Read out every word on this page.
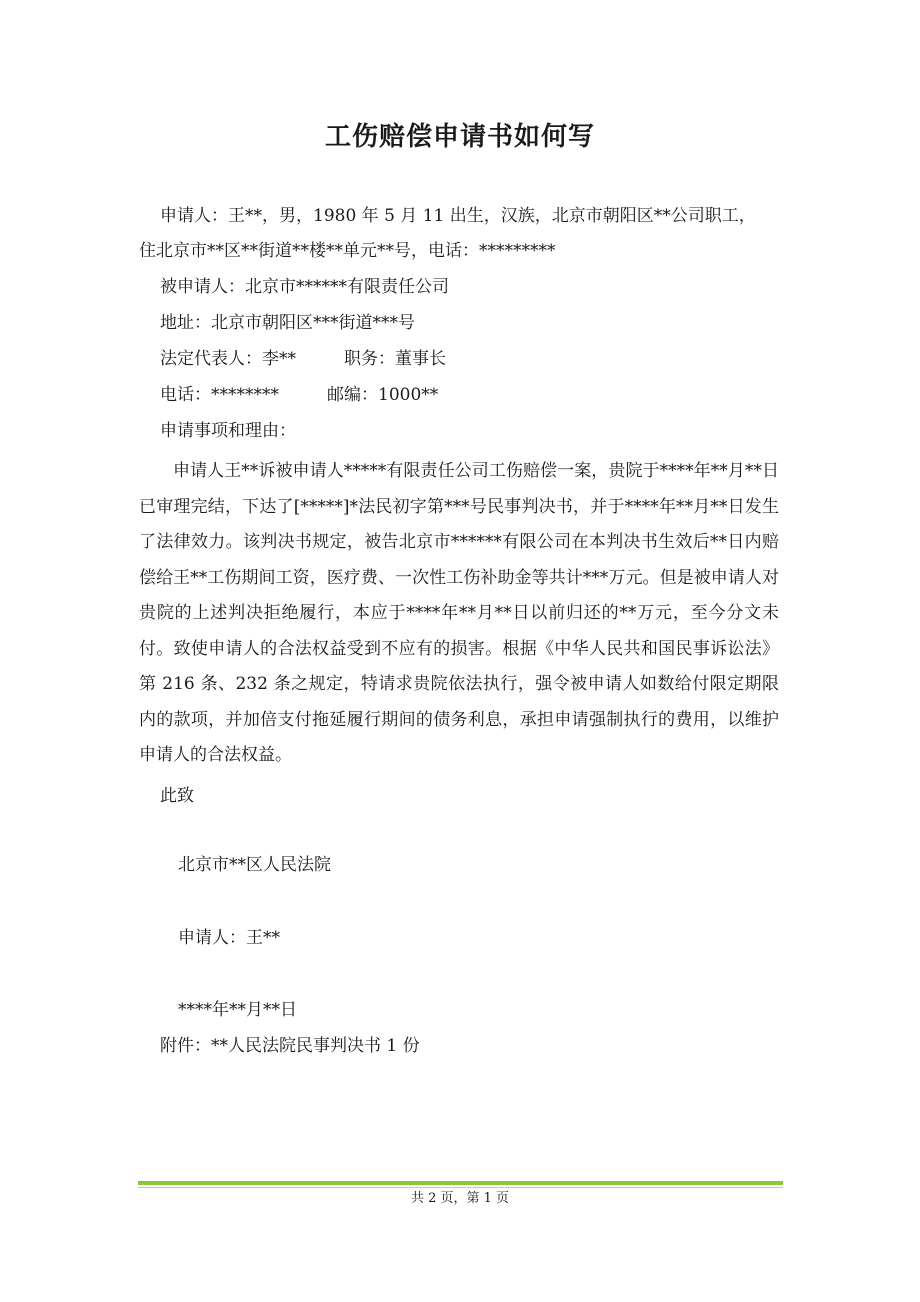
工伤赔偿申请书如何写
申请人：王**，男，1980 年 5 月 11 出生，汉族，北京市朝阳区**公司职工，
住北京市**区**街道**楼**单元**号，电话：*********
被申请人：北京市******有限责任公司
地址：北京市朝阳区***街道***号
法定代表人：李**	职务：董事长
电话：********	邮编：1000**
申请事项和理由：
申请人王**诉被申请人*****有限责任公司工伤赔偿一案，贵院于****年**月**日已审理完结，下达了[*****]*法民初字第***号民事判决书，并于****年**月**日发生了法律效力。该判决书规定，被告北京市******有限公司在本判决书生效后**日内赔偿给王**工伤期间工资，医疗费、一次性工伤补助金等共计***万元。但是被申请人对贵院的上述判决拒绝履行，本应于****年**月**日以前归还的**万元，至今分文未付。致使申请人的合法权益受到不应有的损害。根据《中华人民共和国民事诉讼法》第 216 条、232 条之规定，特请求贵院依法执行，强令被申请人如数给付限定期限内的款项，并加倍支付拖延履行期间的债务利息，承担申请强制执行的费用，以维护申请人的合法权益。
此致
北京市**区人民法院
申请人：王**
****年**月**日
附件：**人民法院民事判决书 1 份
共 2 页，第 1 页
